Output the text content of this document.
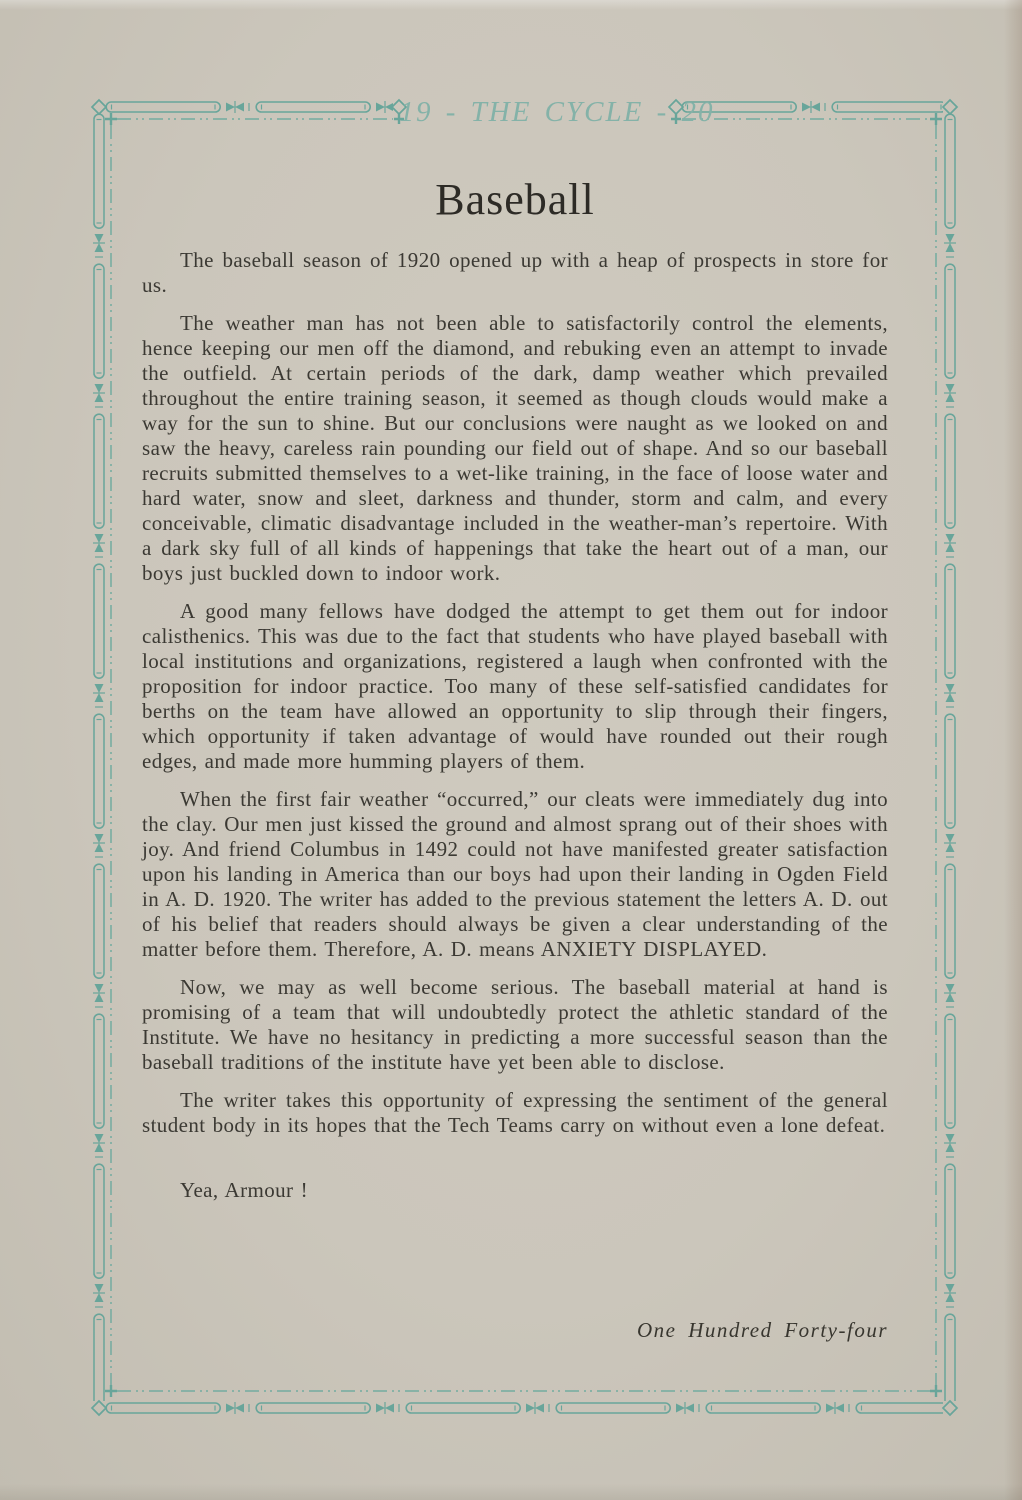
19 - THE CYCLE - 20
Baseball

The baseball season of 1920 opened up with a heap of prospects in store for us.

The weather man has not been able to satisfactorily control the elements, hence keeping our men off the diamond, and rebuking even an attempt to invade the outfield. At certain periods of the dark, damp weather which prevailed throughout the entire training season, it seemed as though clouds would make a way for the sun to shine. But our conclusions were naught as we looked on and saw the heavy, careless rain pounding our field out of shape. And so our baseball recruits submitted themselves to a wet-like training, in the face of loose water and hard water, snow and sleet, darkness and thunder, storm and calm, and every conceivable, climatic disadvantage included in the weather-man’s repertoire. With a dark sky full of all kinds of happenings that take the heart out of a man, our boys just buckled down to indoor work.

A good many fellows have dodged the attempt to get them out for indoor calisthenics. This was due to the fact that students who have played baseball with local institutions and organizations, registered a laugh when confronted with the proposition for indoor practice. Too many of these self-satisfied candidates for berths on the team have allowed an opportunity to slip through their fingers, which opportunity if taken advantage of would have rounded out their rough edges, and made more humming players of them.

When the first fair weather “occurred,” our cleats were immediately dug into the clay. Our men just kissed the ground and almost sprang out of their shoes with joy. And friend Columbus in 1492 could not have manifested greater satisfaction upon his landing in America than our boys had upon their landing in Ogden Field in A. D. 1920. The writer has added to the previous statement the letters A. D. out of his belief that readers should always be given a clear understanding of the matter before them. Therefore, A. D. means ANXIETY DISPLAYED.

Now, we may as well become serious. The baseball material at hand is promising of a team that will undoubtedly protect the athletic standard of the Institute. We have no hesitancy in predicting a more successful season than the baseball traditions of the institute have yet been able to disclose.

The writer takes this opportunity of expressing the sentiment of the general student body in its hopes that the Tech Teams carry on without even a lone defeat.

Yea, Armour !

One Hundred Forty-four
